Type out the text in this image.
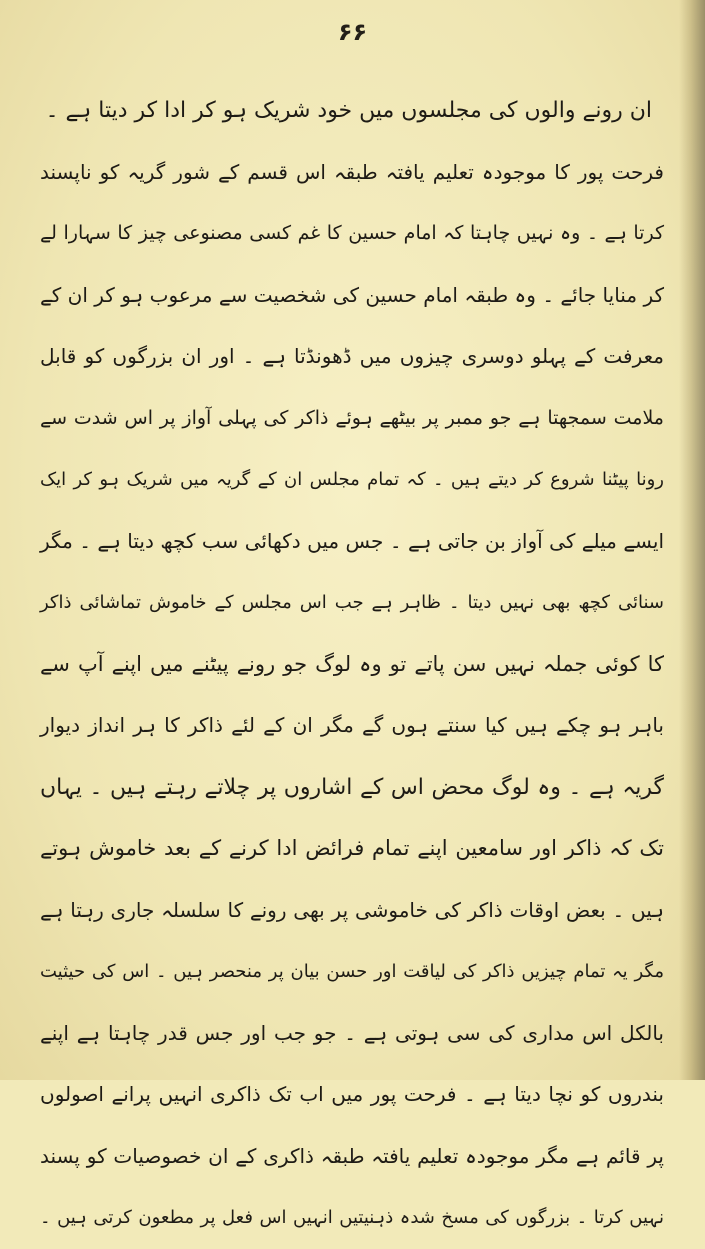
۶۶
ان رونے والوں کی مجلسوں میں خود شریک ہو کر ادا کر دیتا ہے ۔
فرحت پور کا موجودہ تعلیم یافتہ طبقہ اس قسم کے شور گریہ کو ناپسند
کرتا ہے ۔ وہ نہیں چاہتا کہ امام حسین کا غم کسی مصنوعی چیز کا سہارا لے
کر منایا جائے ۔ وہ طبقہ امام حسین کی شخصیت سے مرعوب ہو کر ان کے
معرفت کے پہلو دوسری چیزوں میں ڈھونڈتا ہے ۔ اور ان بزرگوں کو قابل
ملامت سمجھتا ہے جو ممبر پر بیٹھے ہوئے ذاکر کی پہلی آواز پر اس شدت سے
رونا پیٹنا شروع کر دیتے ہیں ۔ کہ تمام مجلس ان کے گریہ میں شریک ہو کر ایک
ایسے میلے کی آواز بن جاتی ہے ۔ جس میں دکھائی سب کچھ دیتا ہے ۔ مگر
سنائی کچھ بھی نہیں دیتا ۔ ظاہر ہے جب اس مجلس کے خاموش تماشائی ذاکر
کا کوئی جملہ نہیں سن پاتے تو وہ لوگ جو رونے پیٹنے میں اپنے آپ سے
باہر ہو چکے ہیں کیا سنتے ہوں گے مگر ان کے لئے ذاکر کا ہر انداز دیوار
گریہ ہے ۔ وہ لوگ محض اس کے اشاروں پر چلاتے رہتے ہیں ۔ یہاں
تک کہ ذاکر اور سامعین اپنے تمام فرائض ادا کرنے کے بعد خاموش ہوتے
ہیں ۔ بعض اوقات ذاکر کی خاموشی پر بھی رونے کا سلسلہ جاری رہتا ہے
مگر یہ تمام چیزیں ذاکر کی لیاقت اور حسن بیان پر منحصر ہیں ۔ اس کی حیثیت
بالکل اس مداری کی سی ہوتی ہے ۔ جو جب اور جس قدر چاہتا ہے اپنے
بندروں کو نچا دیتا ہے ۔ فرحت پور میں اب تک ذاکری انہیں پرانے اصولوں
پر قائم ہے مگر موجودہ تعلیم یافتہ طبقہ ذاکری کے ان خصوصیات کو پسند
نہیں کرتا ۔ بزرگوں کی مسخ شدہ ذہنیتیں انہیں اس فعل پر مطعون کرتی ہیں ۔
